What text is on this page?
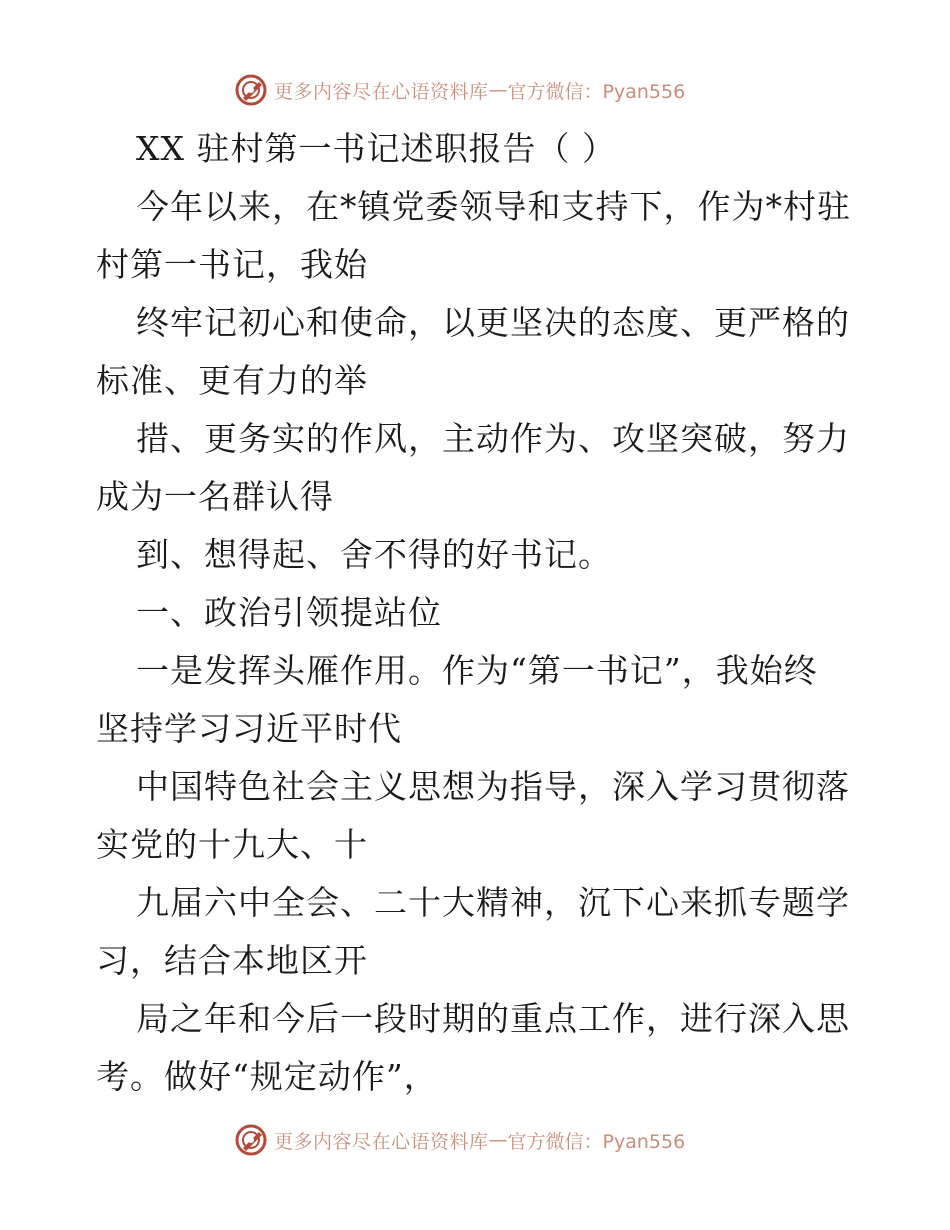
更多内容尽在心语资料库 — 官方微信：Pyan556
XX 驻村第一书记述职报告（ ）
今年以来，在*镇党委领导和支持下，作为*村驻
村第一书记，我始
终牢记初心和使命，以更坚决的态度、更严格的
标准、更有力的举
措、更务实的作风，主动作为、攻坚突破，努力
成为一名群认得
到、想得起、舍不得的好书记。
一、政治引领提站位
一是发挥头雁作用。作为“第一书记”，我始终
坚持学习习近平时代
中国特色社会主义思想为指导，深入学习贯彻落
实党的十九大、十
九届六中全会、二十大精神，沉下心来抓专题学
习，结合本地区开
局之年和今后一段时期的重点工作，进行深入思
考。做好“规定动作”，
更多内容尽在心语资料库 — 官方微信：Pyan556
